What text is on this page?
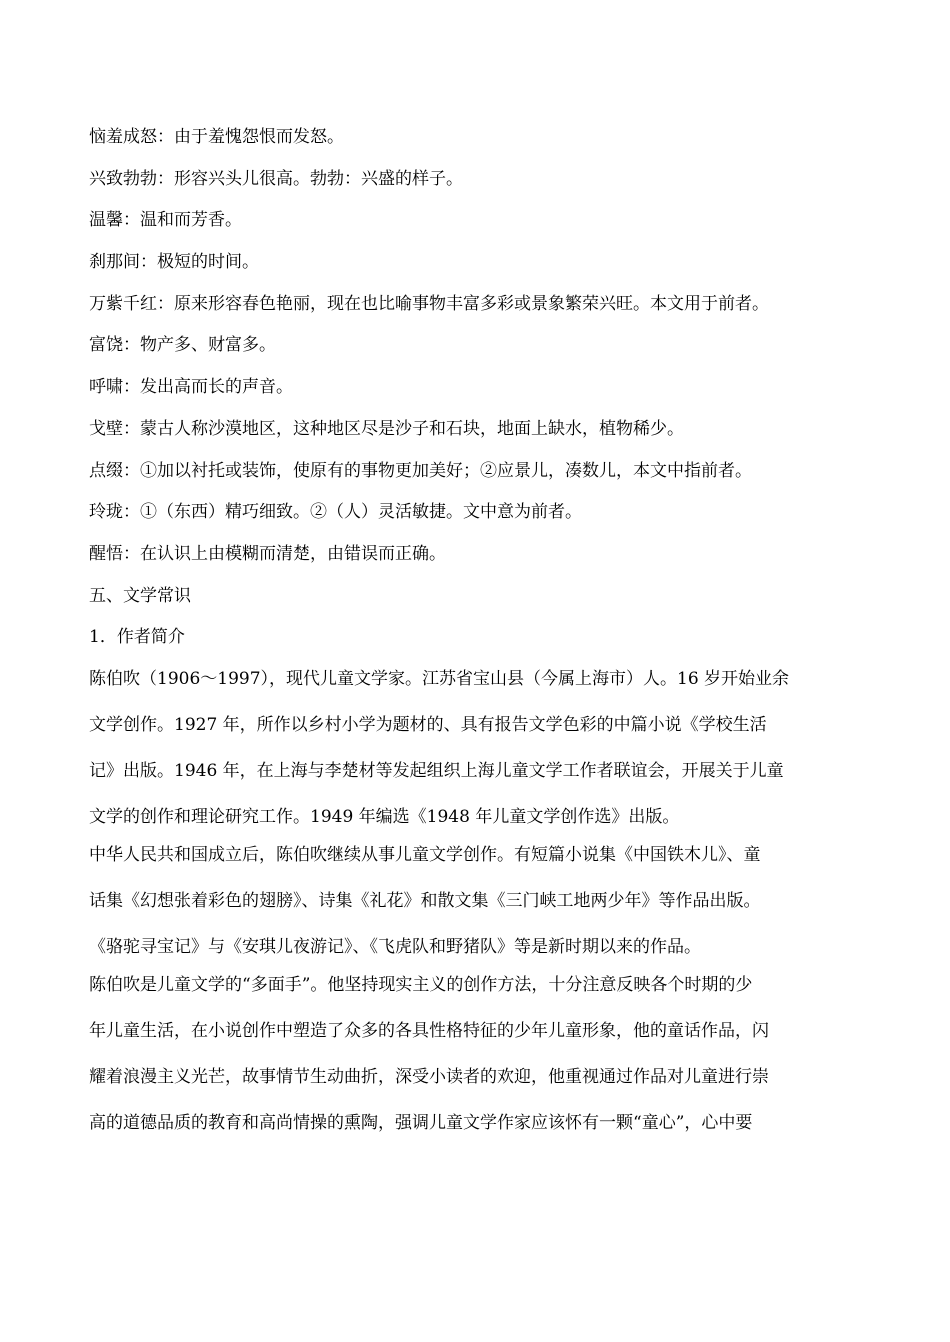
恼羞成怒：由于羞愧怨恨而发怒。
兴致勃勃：形容兴头儿很高。勃勃：兴盛的样子。
温馨：温和而芳香。
刹那间：极短的时间。
万紫千红：原来形容春色艳丽，现在也比喻事物丰富多彩或景象繁荣兴旺。本文用于前者。
富饶：物产多、财富多。
呼啸：发出高而长的声音。
戈壁：蒙古人称沙漠地区，这种地区尽是沙子和石块，地面上缺水，植物稀少。
点缀：①加以衬托或装饰，使原有的事物更加美好；②应景儿，凑数儿，本文中指前者。
玲珑：①（东西）精巧细致。②（人）灵活敏捷。文中意为前者。
醒悟：在认识上由模糊而清楚，由错误而正确。
五、文学常识
1．作者简介
陈伯吹（1906～1997），现代儿童文学家。江苏省宝山县（今属上海市）人。16 岁开始业余
文学创作。1927 年，所作以乡村小学为题材的、具有报告文学色彩的中篇小说《学校生活
记》出版。1946 年，在上海与李楚材等发起组织上海儿童文学工作者联谊会，开展关于儿童
文学的创作和理论研究工作。1949 年编选《1948 年儿童文学创作选》出版。
中华人民共和国成立后，陈伯吹继续从事儿童文学创作。有短篇小说集《中国铁木儿》、童
话集《幻想张着彩色的翅膀》、诗集《礼花》和散文集《三门峡工地两少年》等作品出版。
《骆驼寻宝记》与《安琪儿夜游记》、《飞虎队和野猪队》等是新时期以来的作品。
陈伯吹是儿童文学的“多面手”。他坚持现实主义的创作方法，十分注意反映各个时期的少
年儿童生活，在小说创作中塑造了众多的各具性格特征的少年儿童形象，他的童话作品，闪
耀着浪漫主义光芒，故事情节生动曲折，深受小读者的欢迎，他重视通过作品对儿童进行崇
高的道德品质的教育和高尚情操的熏陶，强调儿童文学作家应该怀有一颗“童心”，心中要
